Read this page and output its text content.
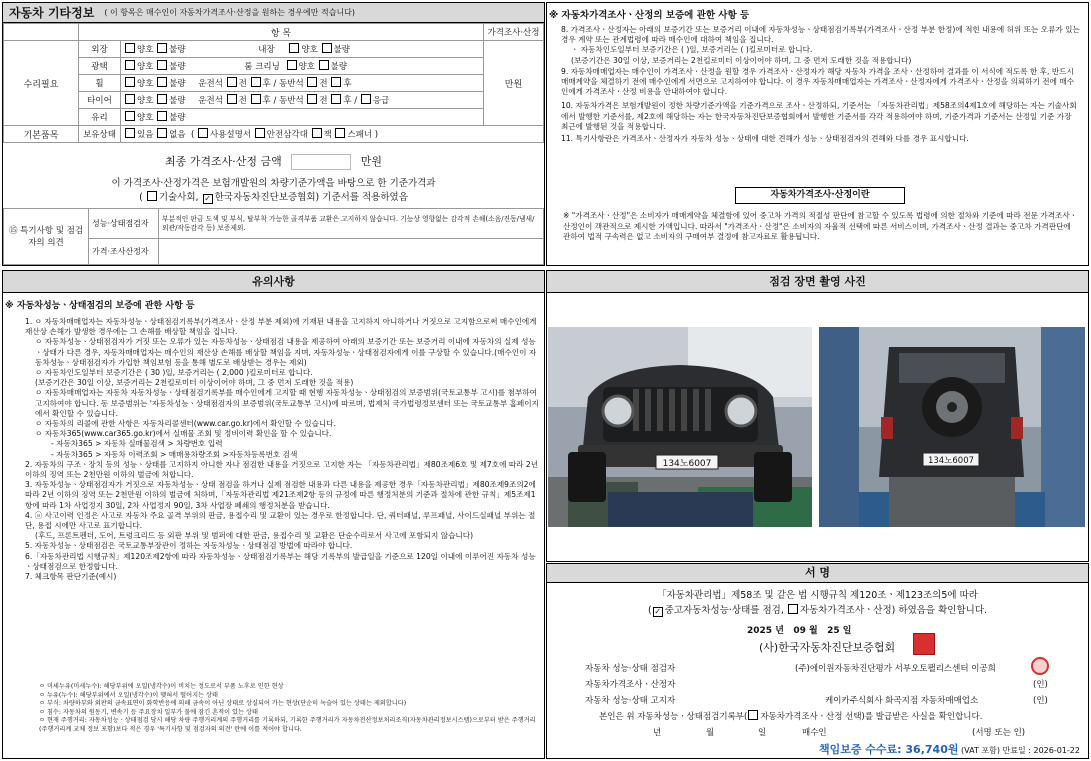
자동차 기타정보 ( 이 항목은 매수인이 자동차가격조사·산정을 원하는 경우에만 적습니다)
	항 목		가격조사·산정
수리필요	외장	양호 불량 내장 양호 불량	만원
	광택	양호 불량 룸 크리닝 양호 불량	
	휠	양호 불량 운전석 전 후 / 동반석 전 후	
	타이어	양호 불량 운전석 전 후 / 동반석 전 후 / 응급	
	유리	양호 불량	
기본품목	보유상태	있음 없음  ( 사용설명서 안전삼각대 잭 스패너 )	
최종 가격조사·산정 금액	만원
이 가격조사·산정가격은 보험개발원의 차량기준가액을 바탕으로 한 기준가격과
( 기술사회, ✓ 한국자동차진단보증협회) 기준서를 적용하였음
⑮ 특기사항 및 점검자의 의견	성능·상태점검자	부분적인 판금 도색 및 부식, 탈부착 가능한 골격부품 교환은 고지하지 않습니다. 기능상 영향없는 감각적 손해(소음/진동/냄새/외관/작동감각 등) 보증제외.
	가격·조사산정자	
※ 자동차가격조사ㆍ산정의 보증에 관한 사항 등

8. 가격조사ㆍ산정자는 아래의 보증기간 또는 보증거리 이내에 자동차성능ㆍ상태점검기록부(가격조사ㆍ산정 부분 한정)에 적힌 내용에 허위 또는 오류가 있는 경우 계약 또는 관계법령에 따라 매수인에 대하여 책임을 집니다.

ㆍ 자동차인도일부터 보증기간은 ( )일, 보증거리는 ( )킬로미터로 합니다.

(보증기간은 30일 이상, 보증거리는 2천킬로미터 이상이어야 하며, 그 중 먼저 도래한 것을 적용합니다)

9. 자동차매매업자는 매수인이 가격조사ㆍ산정을 원할 경우 가격조사ㆍ산정자가 해당 자동차 가격을 조사ㆍ산정하여 결과를 이 서식에 적도록 한 후, 반드시 매매계약을 체결하기 전에 매수인에게 서면으로 고지하여야 합니다. 이 경우 자동차매매업자는 가격조사ㆍ산정자에게 가격조사ㆍ산정을 의뢰하기 전에 매수인에게 가격조사ㆍ산정 비용을 안내하여야 합니다.

10. 자동차가격은 보험개발원이 정한 차량기준가액을 기준가격으로 조사ㆍ산정하되, 기준서는 「자동차관리법」제58조의4제1호에 해당하는 자는 기술사회에서 발행한 기준서를, 제2호에 해당하는 자는 한국자동차진단보증협회에서 발행한 기준서를 각각 적용하여야 하며, 기준가격과 기준서는 산정일 기준 가장 최근에 발행된 것을 적용합니다.

11. 특기사항란은 가격조사ㆍ산정자가 자동차 성능ㆍ상태에 대한 견해가 성능ㆍ상태점검자의 견해와 다를 경우 표시합니다.

자동차가격조사·산정이란
※ "가격조사ㆍ산정"은 소비자가 매매계약을 체결함에 있어 중고차 가격의 적절성 판단에 참고할 수 있도록 법령에 의한 절차와 기준에 따라 전문 가격조사ㆍ산정인이 객관적으로 제시한 가액입니다. 따라서 "가격조사ㆍ산정"은 소비자의 자율적 선택에 따른 서비스이며, 가격조사ㆍ산정 결과는 중고차 가격판단에 관하여 법적 구속력은 없고 소비자의 구매여부 결정에 참고자료로 활용됩니다.
유의사항
※ 자동차성능ㆍ상태점검의 보증에 관한 사항 등

1. ㅇ 자동차매매업자는 자동차성능ㆍ상태점검기록부(가격조사ㆍ산정 부분 제외)에 기재된 내용을 고지하지 아니하거나 거짓으로 고지함으로써 매수인에게 재산상 손해가 발생한 경우에는 그 손해를 배상할 책임을 집니다.

ㅇ 자동차성능ㆍ상태점검자가 거짓 또는 오류가 있는 자동차성능ㆍ상태점검 내용을 제공하여 아래의 보증기간 또는 보증거리 이내에 자동차의 실제 성능ㆍ상태가 다른 경우, 자동차매매업자는 매수인의 재산상 손해를 배상할 책임을 지며, 자동차성능ㆍ상태점검자에게 이를 구상할 수 있습니다.(매수인이 자동차성능ㆍ상태점검자가 가입한 책임보험 등을 통해 별도로 배상받는 경우는 제외)

ㅇ 자동차인도일부터 보증기간은 ( 30 )일, 보증거리는 ( 2,000 )킬로미터로 합니다.

(보증기간은 30일 이상, 보증거리는 2천킬로미터 이상이어야 하며, 그 중 먼저 도래한 것을 적용)

ㅇ 자동차매매업자는 자동차 자동차성능ㆍ상태점검기록부를 매수인에게 고지할 때 현행 자동차성능ㆍ상태점검의 보증범위(국토교통부 고시)를 첨부하여 고지하여야 합니다. 동 보증범위는 '자동차성능ㆍ상태점검자의 보증범위(국토교통부 고시)에 따르며, 법제처 국가법령정보센터 또는 국토교통부 홈페이지에서 확인할 수 있습니다.

ㅇ 자동차의 리콜에 관한 사항은 자동차리콜센터(www.car.go.kr)에서 확인할 수 있습니다.

ㅇ 자동차365(www.car365.go.kr)에서 실매물 조회 및 정비이력 확인을 할 수 있습니다.

- 자동차365 > 자동차 실매물검색 > 차량번호 입력

- 자동차365 > 자동차 이력조회 > 매매용차량조회 >자동차등록번호 검색

2. 자동차의 구조ㆍ장치 등의 성능ㆍ상태를 고지하지 아니한 자나 점검한 내용을 거짓으로 고지한 자는 「자동차관리법」제80조제6호 및 제7호에 따라 2년 이하의 징역 또는 2천만원 이하의 벌금에 처합니다.

3. 자동차성능ㆍ상태점검자가 거짓으로 자동차성능ㆍ상태 점검을 하거나 실제 점검한 내용과 다른 내용을 제공한 경우「자동차관리법」제80조제9조의2에 따라 2년 이하의 징역 또는 2천만원 이하의 벌금에 처하며,「자동차관리법 제21조제2항 등의 규정에 따른 행정처분의 기준과 절차에 관한 규칙」제5조제1항에 따라 1차 사업정지 30일, 2차 사업정지 90일, 3차 사업장 폐쇄의 행정처분을 받습니다.

4. ⓐ 사고이력 인정은 사고로 자동차 주요 골격 부위의 판금, 용접수리 및 교환이 있는 경우로 한정합니다. 단, 쿼터패널, 루프패널, 사이드실패널 부위는 절단, 용접 시에만 사고로 표기합니다.

(후드, 프론트펜더, 도어, 트렁크리드 등 외판 부위 및 범퍼에 대한 판금, 용접수리 및 교환은 단순수리로서 사고에 포함되지 않습니다)

5. 자동차성능ㆍ상태점검은 국토교통부장관이 정하는 자동차성능ㆍ상태점검 방법에 따라야 합니다.

6.「자동차관리법 시행규칙」제120조제2항에 따라 자동차성능ㆍ상태점검기록부는 해당 기록부의 발급일을 기준으로 120일 이내에 이루어진 자동차 성능ㆍ상태점검으로 한정합니다.

7. 체크항목 판단기준(예시)

ㅇ 미세누유(미세누수): 해당부위에 오일(냉각수)이 비치는 정도로서 부품 노후로 인한 현상
ㅇ 누유(누수): 해당부위에서 오일(냉각수)이 맺혀서 떨어지는 상태
ㅇ 부식: 차량하부와 외판의 금속표면이 화학반응에 의해 금속이 아닌 상태로 상실되어 가는 현상(단순히 녹슬어 있는 상태는 제외합니다)
ㅇ 침수: 자동차의 원동기, 변속기 등 주요장치 일부가 물에 잠긴 흔적이 있는 상태
ㅇ 현재 주행거리: 자동차성능ㆍ상태점검 당시 해당 차량 주행거리계의 주행거리를 기록하되, 기록한 주행거리가 자동차전산정보처리조직(자동차관리정보시스템)으로부터 받은 주행거리(주행거리계 교체 정보 포함)보다 적은 경우 '특기사항 및 점검자의 의견' 란에 이를 적어야 합니다.
점검 장면 촬영 사진
134노6007	134노6007
서 명
「자동차관리법」제58조 및 같은 법 시행규칙 제120조ㆍ제123조의5에 따라
( ✓ 중고자동차성능·상태를 점검, 자동차가격조사ㆍ산정) 하였음을 확인합니다.
2025 년 09 월 25 일
(사)한국자동차진단보증협회
자동차 성능·상태 점검자	(주)에이원자동차진단평가 서부오토팰리스센터 이공희
자동차가격조사ㆍ산정자	(인)
자동차 성능·상태 고지자	케이카주식회사 화곡지점 자동차매매업소	(인)
본인은 위 자동차성능ㆍ상태점검기록부( 자동차가격조사ㆍ산정 선택)를 발급받은 사실을 확인합니다.
년	월	일	매수인	(서명 또는 인)
책임보증 수수료: 36,740원 (VAT 포함) 만료일 : 2026-01-22
